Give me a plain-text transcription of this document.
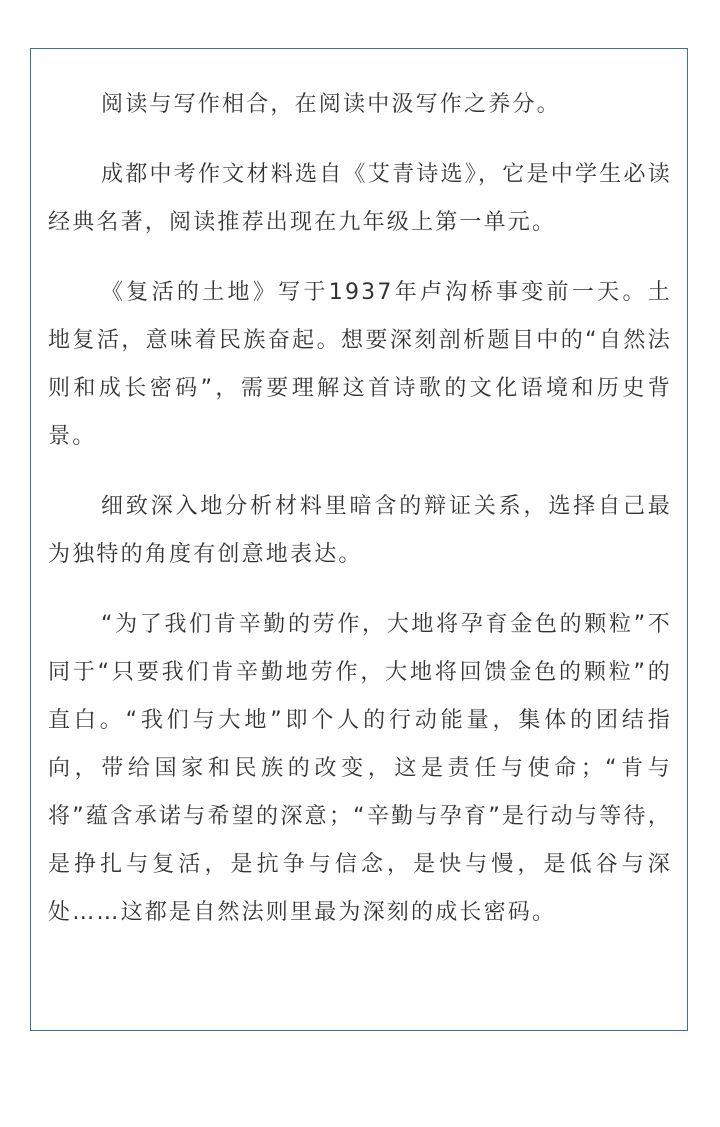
阅读与写作相合，在阅读中汲写作之养分。

成都中考作文材料选自《艾青诗选》，它是中学生必读经典名著，阅读推荐出现在九年级上第一单元。

《复活的土地》写于1937年卢沟桥事变前一天。土地复活，意味着民族奋起。想要深刻剖析题目中的“自然法则和成长密码”，需要理解这首诗歌的文化语境和历史背景。

细致深入地分析材料里暗含的辩证关系，选择自己最为独特的角度有创意地表达。

“为了我们肯辛勤的劳作，大地将孕育金色的颗粒”不同于“只要我们肯辛勤地劳作，大地将回馈金色的颗粒”的直白。“我们与大地”即个人的行动能量，集体的团结指向，带给国家和民族的改变，这是责任与使命；“肯与将”蕴含承诺与希望的深意；“辛勤与孕育”是行动与等待，是挣扎与复活，是抗争与信念，是快与慢，是低谷与深处……这都是自然法则里最为深刻的成长密码。
